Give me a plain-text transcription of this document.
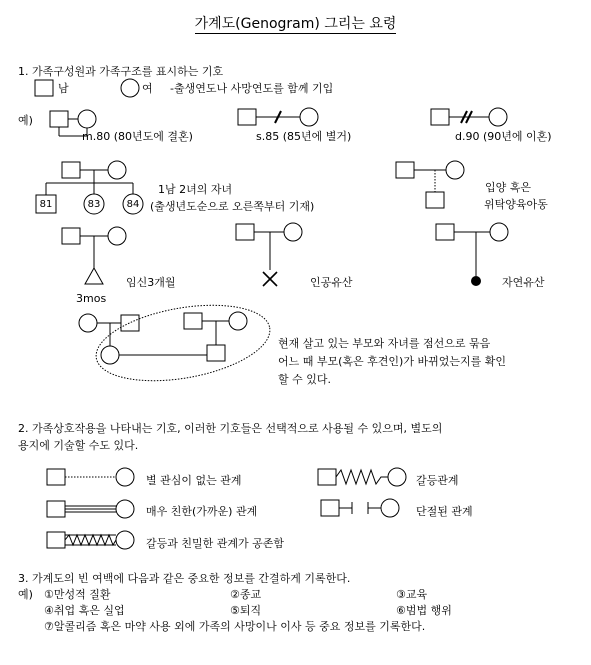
가계도(Genogram) 그리는 요령
1. 가족구성원과 가족구조를 표시하는 기호
남	여 -출생연도나 사망연도를 함께 기입
예)
m.80 (80년도에 결혼)	s.85 (85년에 별거)	d.90 (90년에 이혼)
81	83	84
1남 2녀의 자녀
(출생년도순으로 오른쪽부터 기재)
입양 혹은
위탁양육아동
임신3개월
3mos
인공유산	자연유산
현재 살고 있는 부모와 자녀를 점선으로 묶음
어느 때 부모(혹은 후견인)가 바뀌었는지를 확인
할 수 있다.
2. 가족상호작용을 나타내는 기호, 이러한 기호들은 선택적으로 사용될 수 있으며, 별도의
용지에 기술할 수도 있다.
별 관심이 없는 관계	갈등관계
매우 친한(가까운) 관계	단절된 관계
갈등과 친밀한 관계가 공존함
3. 가계도의 빈 여백에 다음과 같은 중요한 정보를 간결하게 기록한다.
예) ①만성적 질환	②종교	③교육
④취업 혹은 실업	⑤퇴직	⑥범법 행위
⑦알콜리즘 혹은 마약 사용 외에 가족의 사망이나 이사 등 중요 정보를 기록한다.
